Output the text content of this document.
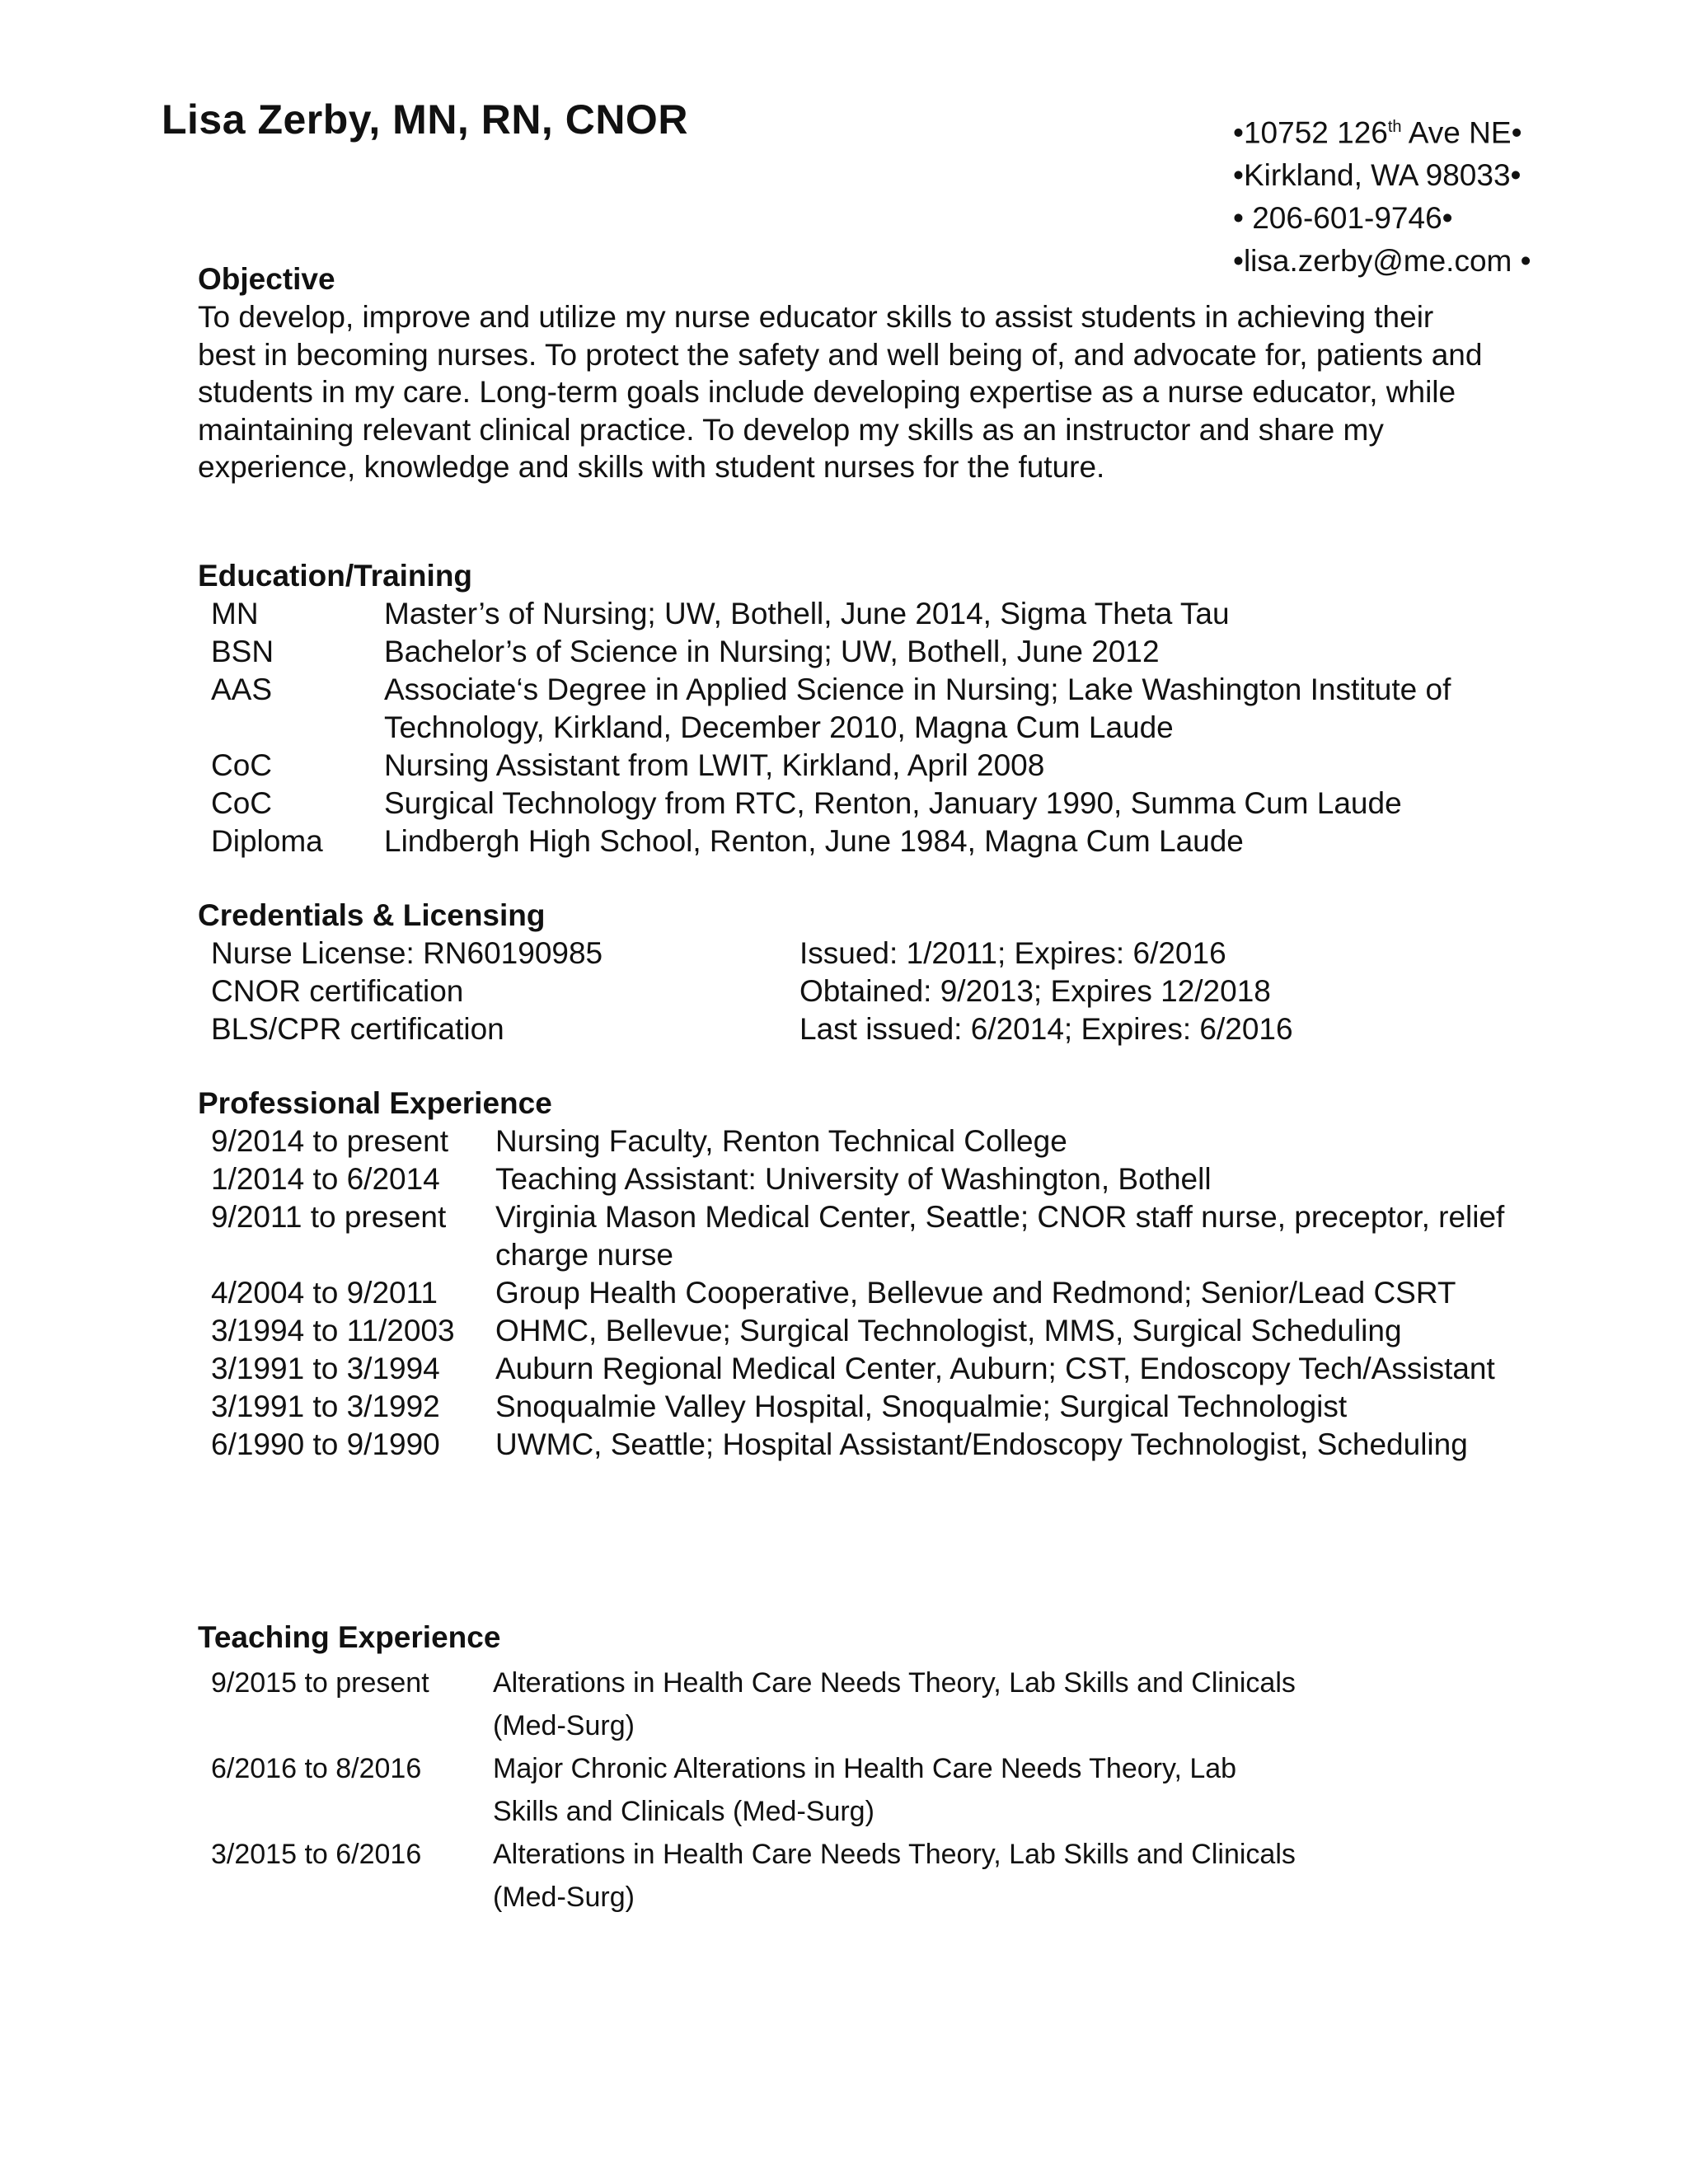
Lisa Zerby, MN, RN, CNOR	•10752 126th Ave NE•
•Kirkland, WA 98033•
• 206-601-9746•
•lisa.zerby@me.com •
Objective

To develop, improve and utilize my nurse educator skills to assist students in achieving their best in becoming nurses. To protect the safety and well being of, and advocate for, patients and students in my care. Long-term goals include developing expertise as a nurse educator, while maintaining relevant clinical practice. To develop my skills as an instructor and share my experience, knowledge and skills with student nurses for the future.

Education/Training
MN	Master’s of Nursing; UW, Bothell, June 2014, Sigma Theta Tau
BSN	Bachelor’s of Science in Nursing; UW, Bothell, June 2012
AAS	Associate‘s Degree in Applied Science in Nursing; Lake Washington Institute of Technology, Kirkland, December 2010, Magna Cum Laude
CoC	Nursing Assistant from LWIT, Kirkland, April 2008
CoC	Surgical Technology from RTC, Renton, January 1990, Summa Cum Laude
Diploma	Lindbergh High School, Renton, June 1984, Magna Cum Laude
Credentials & Licensing
Nurse License: RN60190985	Issued: 1/2011; Expires: 6/2016
CNOR certification	Obtained: 9/2013; Expires 12/2018
BLS/CPR certification	Last issued: 6/2014; Expires: 6/2016
Professional Experience
9/2014 to present	Nursing Faculty, Renton Technical College
1/2014 to 6/2014	Teaching Assistant: University of Washington, Bothell
9/2011 to present	Virginia Mason Medical Center, Seattle; CNOR staff nurse, preceptor, relief charge nurse
4/2004 to 9/2011	Group Health Cooperative, Bellevue and Redmond; Senior/Lead CSRT
3/1994 to 11/2003	OHMC, Bellevue; Surgical Technologist, MMS, Surgical Scheduling
3/1991 to 3/1994	Auburn Regional Medical Center, Auburn; CST, Endoscopy Tech/Assistant
3/1991 to 3/1992	Snoqualmie Valley Hospital, Snoqualmie; Surgical Technologist
6/1990 to 9/1990	UWMC, Seattle; Hospital Assistant/Endoscopy Technologist, Scheduling
Teaching Experience
9/2015 to present	Alterations in Health Care Needs Theory, Lab Skills and Clinicals (Med-Surg)
6/2016 to 8/2016	Major Chronic Alterations in Health Care Needs Theory, Lab Skills and Clinicals (Med-Surg)
3/2015 to 6/2016	Alterations in Health Care Needs Theory, Lab Skills and Clinicals (Med-Surg)
